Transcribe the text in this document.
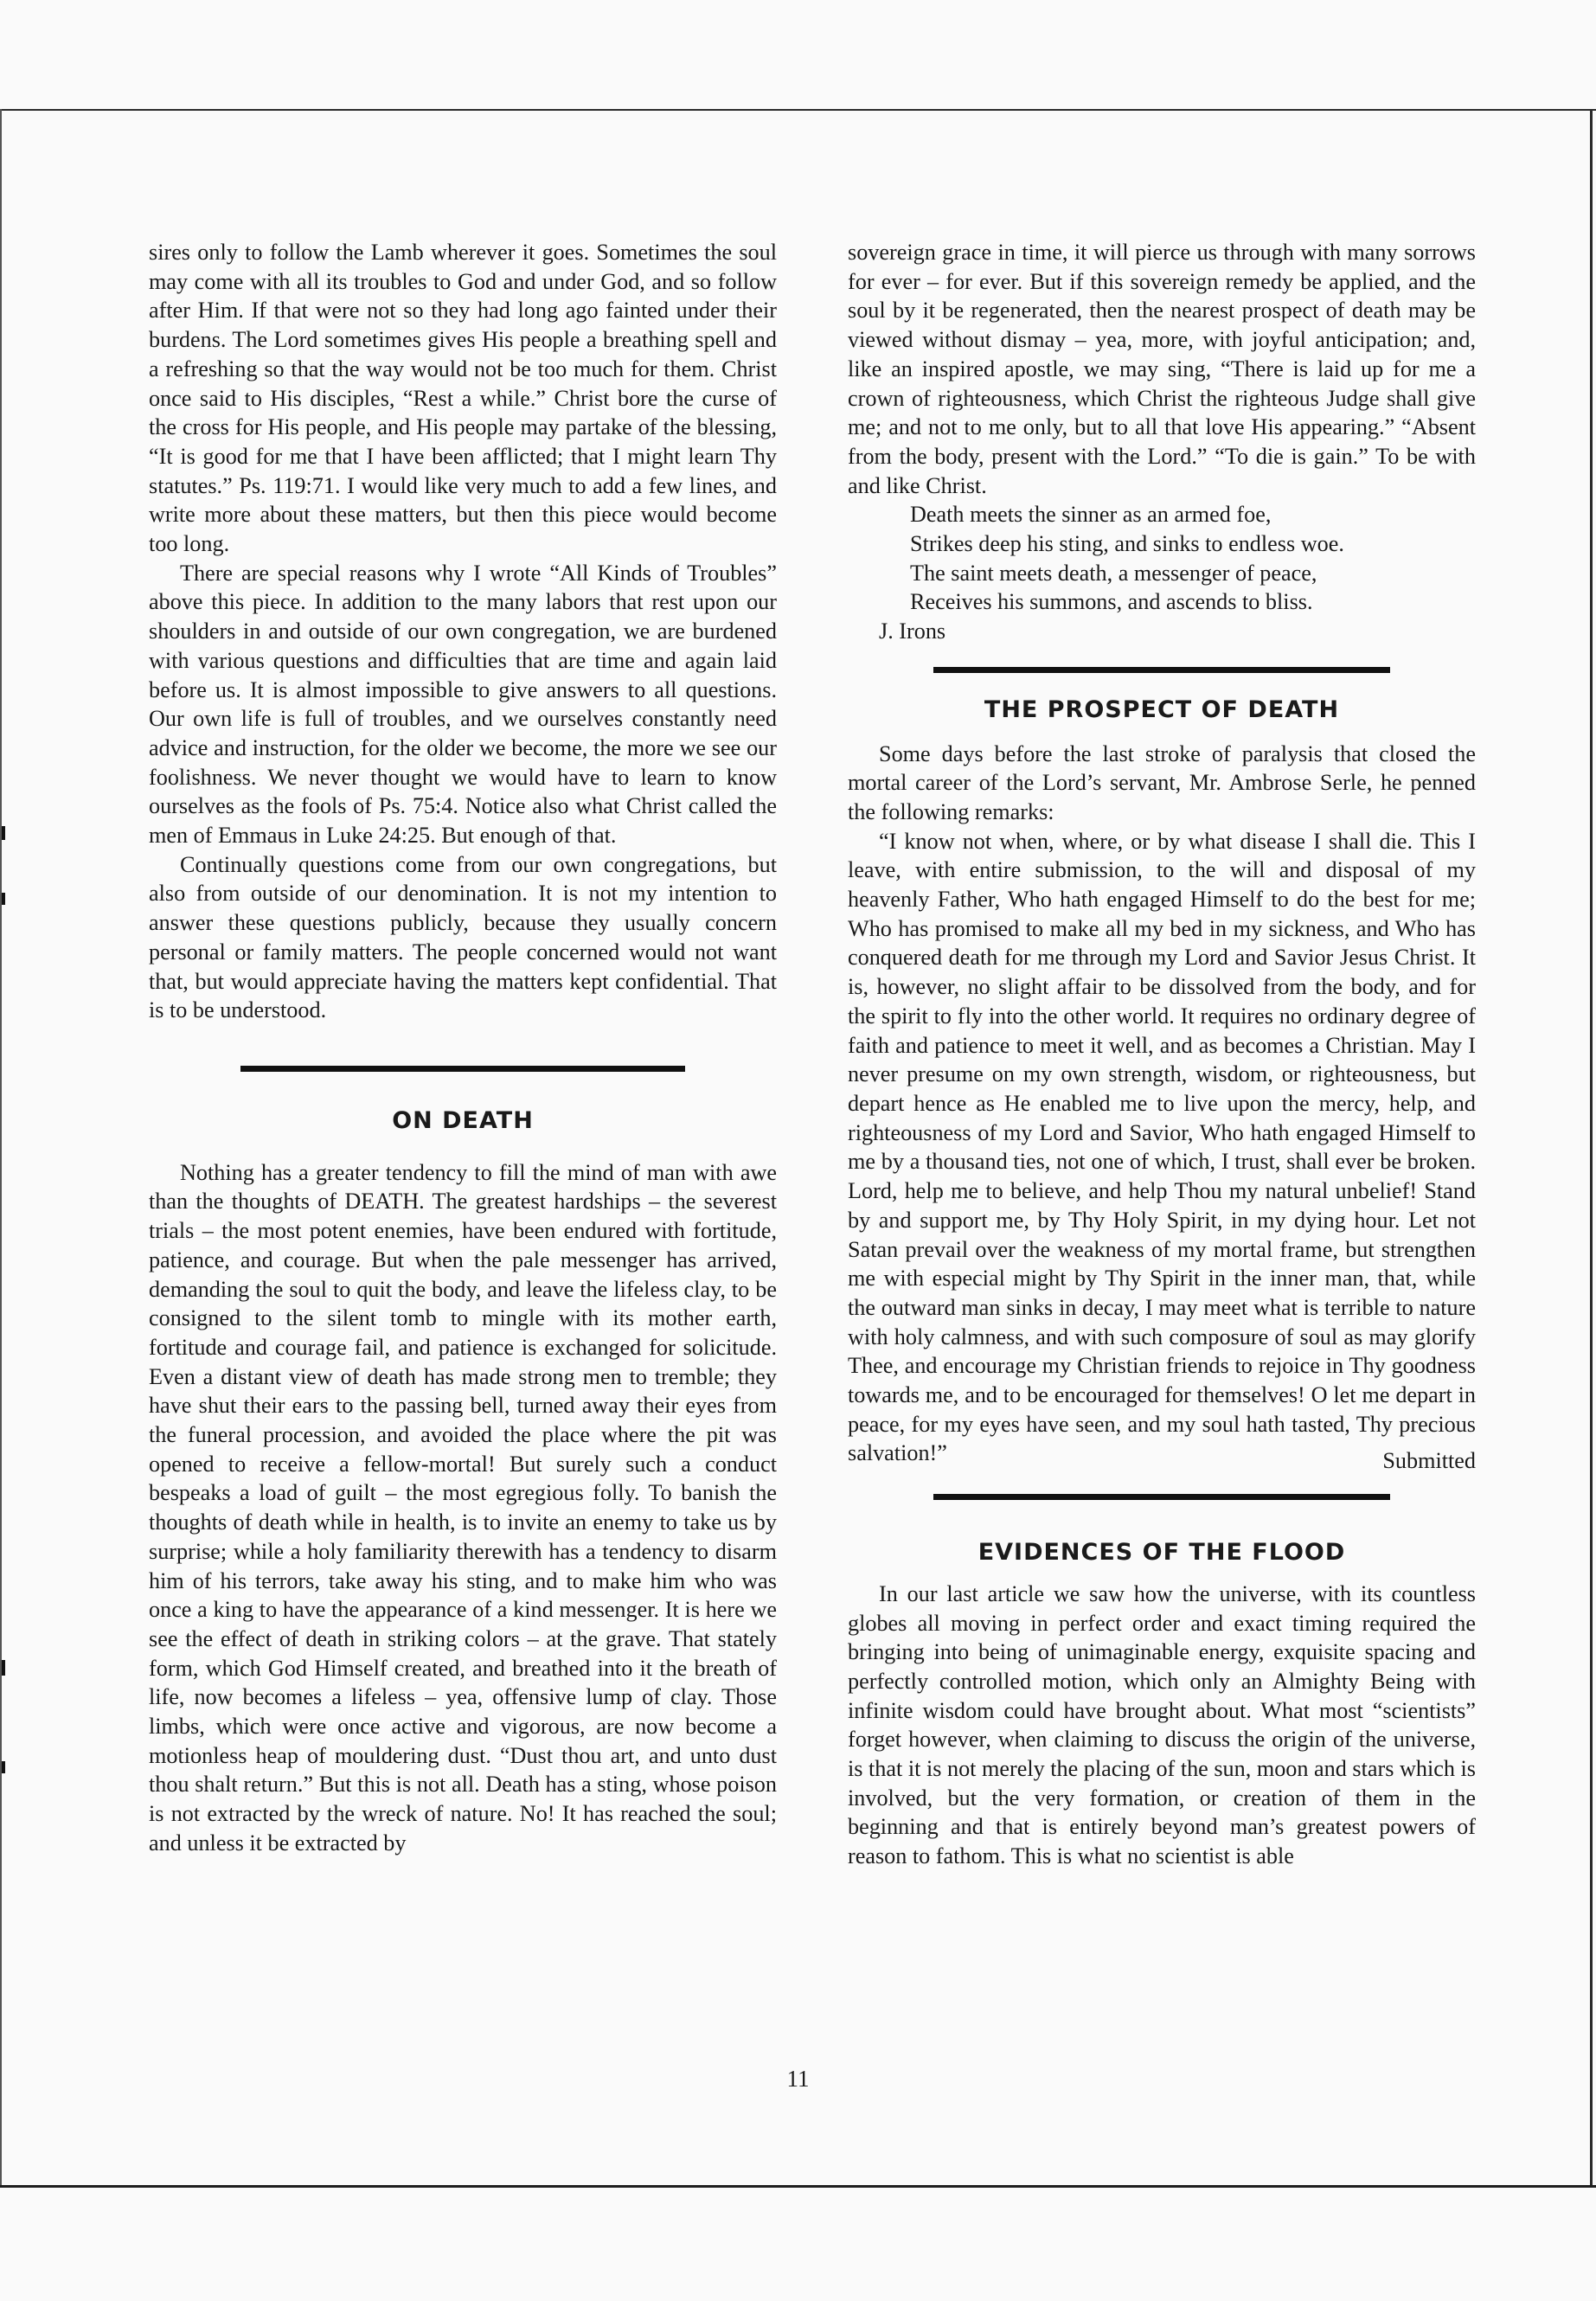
sires only to follow the Lamb wherever it goes. Sometimes the soul may come with all its troubles to God and under God, and so follow after Him. If that were not so they had long ago fainted under their burdens. The Lord sometimes gives His people a breathing spell and a refreshing so that the way would not be too much for them. Christ once said to His disciples, “Rest a while.” Christ bore the curse of the cross for His people, and His people may partake of the blessing, “It is good for me that I have been afflicted; that I might learn Thy statutes.” Ps. 119:71. I would like very much to add a few lines, and write more about these matters, but then this piece would become too long.

There are special reasons why I wrote “All Kinds of Troubles” above this piece. In addition to the many labors that rest upon our shoulders in and outside of our own congregation, we are burdened with various questions and difficulties that are time and again laid before us. It is almost impossible to give answers to all questions. Our own life is full of troubles, and we ourselves constantly need advice and instruction, for the older we become, the more we see our foolishness. We never thought we would have to learn to know ourselves as the fools of Ps. 75:4. Notice also what Christ called the men of Emmaus in Luke 24:25. But enough of that.

Continually questions come from our own congregations, but also from outside of our denomination. It is not my intention to answer these questions publicly, because they usually concern personal or family matters. The people concerned would not want that, but would appreciate having the matters kept confidential. That is to be understood.

ON DEATH

Nothing has a greater tendency to fill the mind of man with awe than the thoughts of DEATH. The greatest hardships – the severest trials – the most potent enemies, have been endured with fortitude, patience, and courage. But when the pale messenger has arrived, demanding the soul to quit the body, and leave the lifeless clay, to be consigned to the silent tomb to mingle with its mother earth, fortitude and courage fail, and patience is exchanged for solicitude. Even a distant view of death has made strong men to tremble; they have shut their ears to the passing bell, turned away their eyes from the funeral procession, and avoided the place where the pit was opened to receive a fellow-mortal! But surely such a conduct bespeaks a load of guilt – the most egregious folly. To banish the thoughts of death while in health, is to invite an enemy to take us by surprise; while a holy familiarity therewith has a tendency to disarm him of his terrors, take away his sting, and to make him who was once a king to have the appearance of a kind messenger. It is here we see the effect of death in striking colors – at the grave. That stately form, which God Himself created, and breathed into it the breath of life, now becomes a lifeless – yea, offensive lump of clay. Those limbs, which were once active and vigorous, are now become a motionless heap of mouldering dust. “Dust thou art, and unto dust thou shalt return.” But this is not all. Death has a sting, whose poison is not extracted by the wreck of nature. No! It has reached the soul; and unless it be extracted by

sovereign grace in time, it will pierce us through with many sorrows for ever – for ever. But if this sovereign remedy be applied, and the soul by it be regenerated, then the nearest prospect of death may be viewed without dismay – yea, more, with joyful anticipation; and, like an inspired apostle, we may sing, “There is laid up for me a crown of righteousness, which Christ the righteous Judge shall give me; and not to me only, but to all that love His appearing.” “Absent from the body, present with the Lord.” “To die is gain.” To be with and like Christ.

Death meets the sinner as an armed foe,
Strikes deep his sting, and sinks to endless woe.
The saint meets death, a messenger of peace,
Receives his summons, and ascends to bliss.

J. Irons

THE PROSPECT OF DEATH

Some days before the last stroke of paralysis that closed the mortal career of the Lord’s servant, Mr. Ambrose Serle, he penned the following remarks:

“I know not when, where, or by what disease I shall die. This I leave, with entire submission, to the will and disposal of my heavenly Father, Who hath engaged Himself to do the best for me; Who has promised to make all my bed in my sickness, and Who has conquered death for me through my Lord and Savior Jesus Christ. It is, however, no slight affair to be dissolved from the body, and for the spirit to fly into the other world. It requires no ordinary degree of faith and patience to meet it well, and as becomes a Christian. May I never presume on my own strength, wisdom, or righteousness, but depart hence as He enabled me to live upon the mercy, help, and righteousness of my Lord and Savior, Who hath engaged Himself to me by a thousand ties, not one of which, I trust, shall ever be broken. Lord, help me to believe, and help Thou my natural unbelief! Stand by and support me, by Thy Holy Spirit, in my dying hour. Let not Satan prevail over the weakness of my mortal frame, but strengthen me with especial might by Thy Spirit in the inner man, that, while the outward man sinks in decay, I may meet what is terrible to nature with holy calmness, and with such composure of soul as may glorify Thee, and encourage my Christian friends to rejoice in Thy goodness towards me, and to be encouraged for themselves! O let me depart in peace, for my eyes have seen, and my soul hath tasted, Thy precious salvation!”	Submitted

EVIDENCES OF THE FLOOD

In our last article we saw how the universe, with its countless globes all moving in perfect order and exact timing required the bringing into being of unimaginable energy, exquisite spacing and perfectly controlled motion, which only an Almighty Being with infinite wisdom could have brought about. What most “scientists” forget however, when claiming to discuss the origin of the universe, is that it is not merely the placing of the sun, moon and stars which is involved, but the very formation, or creation of them in the beginning and that is entirely beyond man’s greatest powers of reason to fathom. This is what no scientist is able

11
